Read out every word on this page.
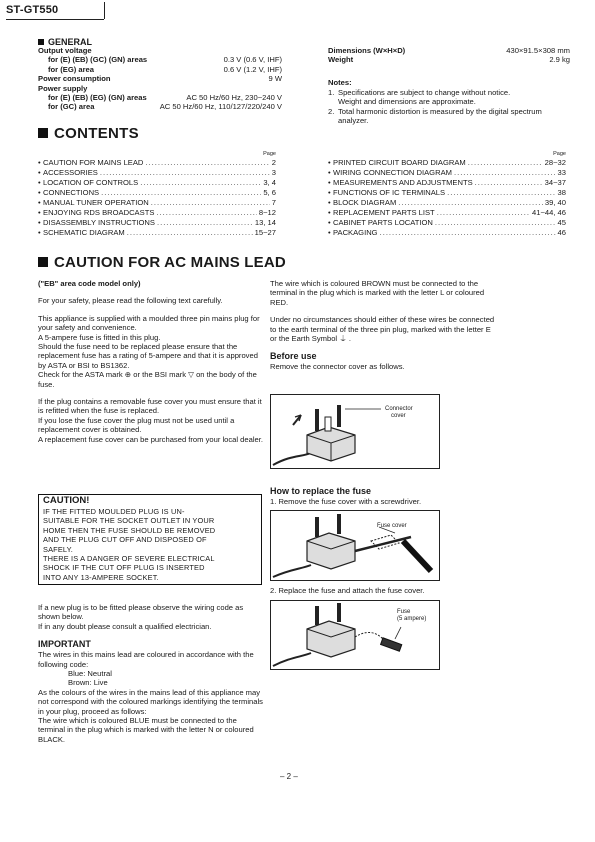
ST-GT550
GENERAL
Output voltage
for (E) (EB) (GC) (GN) areas	0.3 V (0.6 V, IHF)
for (EG) area	0.6 V (1.2 V, IHF)
Power consumption	9 W
Power supply
for (E) (EB) (EG) (GN) areas	AC 50 Hz/60 Hz, 230~240 V
for (GC) area	AC 50 Hz/60 Hz, 110/127/220/240 V
Dimensions (W×H×D)	430×91.5×308 mm
Weight	2.9 kg
Notes:
1. Specifications are subject to change without notice.
Weight and dimensions are approximate.
2. Total harmonic distortion is measured by the digital spectrum
analyzer.
CONTENTS
Page
• CAUTION FOR MAINS LEAD .....	2
• ACCESSORIES .....	3
• LOCATION OF CONTROLS .....	3, 4
• CONNECTIONS .....	5, 6
• MANUAL TUNER OPERATION .....	7
• ENJOYING RDS BROADCASTS .....	8~12
• DISASSEMBLY INSTRUCTIONS .....	13, 14
• SCHEMATIC DIAGRAM .....	15~27
Page
• PRINTED CIRCUIT BOARD DIAGRAM .....	28~32
• WIRING CONNECTION DIAGRAM .....	33
• MEASUREMENTS AND ADJUSTMENTS .....	34~37
• FUNCTIONS OF IC TERMINALS .....	38
• BLOCK DIAGRAM .....	39, 40
• REPLACEMENT PARTS LIST .....	41~44, 46
• CABINET PARTS LOCATION .....	45
• PACKAGING .....	46
CAUTION FOR AC MAINS LEAD
("EB" area code model only)
For your safety, please read the following text carefully.
This appliance is supplied with a moulded three pin mains plug for your safety and convenience.
A 5-ampere fuse is fitted in this plug.
Should the fuse need to be replaced please ensure that the replacement fuse has a rating of 5-ampere and that it is approved by ASTA or BSI to BS1362.
Check for the ASTA mark ⊕ or the BSI mark ▽ on the body of the fuse.
If the plug contains a removable fuse cover you must ensure that it is refitted when the fuse is replaced.
If you lose the fuse cover the plug must not be used until a replacement cover is obtained.
A replacement fuse cover can be purchased from your local dealer.
CAUTION!
IF THE FITTED MOULDED PLUG IS UN-
SUITABLE FOR THE SOCKET OUTLET IN YOUR
HOME THEN THE FUSE SHOULD BE REMOVED
AND THE PLUG CUT OFF AND DISPOSED OF
SAFELY.
THERE IS A DANGER OF SEVERE ELECTRICAL
SHOCK IF THE CUT OFF PLUG IS INSERTED
INTO ANY 13-AMPERE SOCKET.
If a new plug is to be fitted please observe the wiring code as shown below.
If in any doubt please consult a qualified electrician.
IMPORTANT
The wires in this mains lead are coloured in accordance with the following code:
Blue: Neutral
Brown: Live
As the colours of the wires in the mains lead of this appliance may not correspond with the coloured markings identifying the terminals in your plug, proceed as follows:
The wire which is coloured BLUE must be connected to the terminal in the plug which is marked with the letter N or coloured BLACK.
The wire which is coloured BROWN must be connected to the terminal in the plug which is marked with the letter L or coloured RED.
Under no circumstances should either of these wires be connected to the earth terminal of the three pin plug, marked with the letter E or the Earth Symbol ⏚ .
Before use
Remove the connector cover as follows.
Connector
cover
How to replace the fuse
1. Remove the fuse cover with a screwdriver.
Fuse cover
2. Replace the fuse and attach the fuse cover.
Fuse
(5 ampere)
– 2 –
